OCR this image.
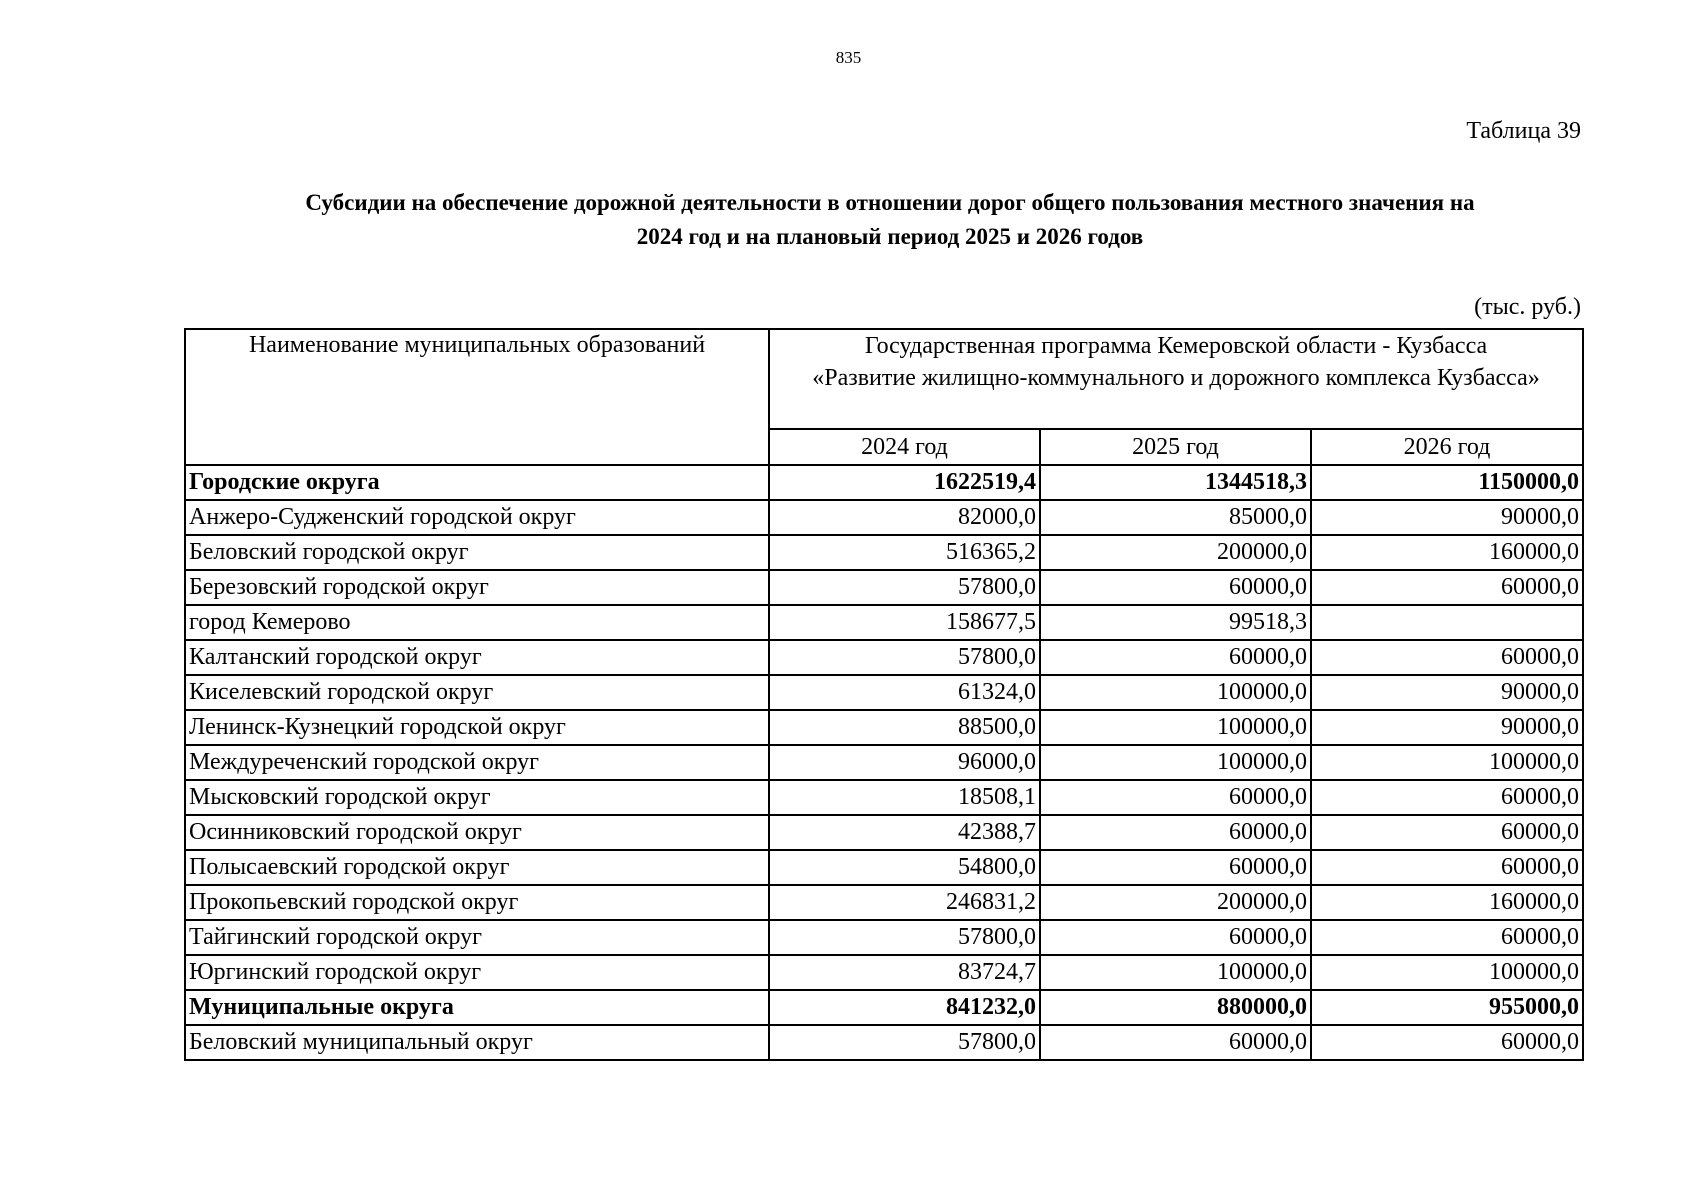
835
Таблица 39
Субсидии на обеспечение дорожной деятельности в отношении дорог общего пользования местного значения на
2024 год и на плановый период 2025 и 2026 годов
(тыс. руб.)
Наименование муниципальных образований	Государственная программа Кемеровской области - Кузбасса
«Развитие жилищно-коммунального и дорожного комплекса Кузбасса»		

	2024 год	2025 год	2026 год
Городские округа	1622519,4	1344518,3	1150000,0
Анжеро-Судженский городской округ	82000,0	85000,0	90000,0
Беловский городской округ	516365,2	200000,0	160000,0
Березовский городской округ	57800,0	60000,0	60000,0
город Кемерово	158677,5	99518,3	
Калтанский городской округ	57800,0	60000,0	60000,0
Киселевский городской округ	61324,0	100000,0	90000,0
Ленинск-Кузнецкий городской округ	88500,0	100000,0	90000,0
Междуреченский городской округ	96000,0	100000,0	100000,0
Мысковский городской округ	18508,1	60000,0	60000,0
Осинниковский городской округ	42388,7	60000,0	60000,0
Полысаевский городской округ	54800,0	60000,0	60000,0
Прокопьевский городской округ	246831,2	200000,0	160000,0
Тайгинский городской округ	57800,0	60000,0	60000,0
Юргинский городской округ	83724,7	100000,0	100000,0
Муниципальные округа	841232,0	880000,0	955000,0
Беловский муниципальный округ	57800,0	60000,0	60000,0
